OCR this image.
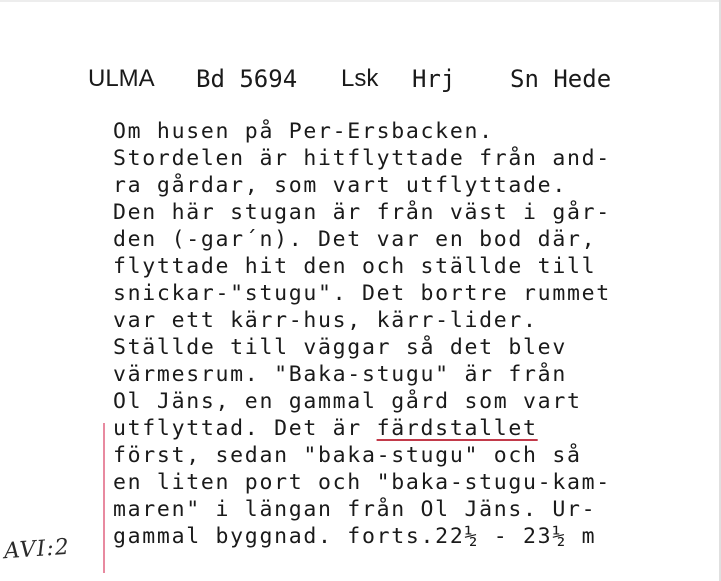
ULMA Bd 5694 Lsk Hrj Sn Hede
Om husen på Per-Ersbacken.
Stordelen är hitflyttade från and-
ra gårdar, som vart utflyttade.
Den här stugan är från väst i går-
den (-gar´n). Det var en bod där,
flyttade hit den och ställde till
snickar-"stugu". Det bortre rummet
var ett kärr-hus, kärr-lider.
Ställde till väggar så det blev
värmesrum. "Baka-stugu" är från
Ol Jäns, en gammal gård som vart
utflyttad. Det är färdstallet
först, sedan "baka-stugu" och så
en liten port och "baka-stugu-kam-
maren" i längan från Ol Jäns. Ur-
gammal byggnad. forts.22½ - 23½ m
AVI:2
